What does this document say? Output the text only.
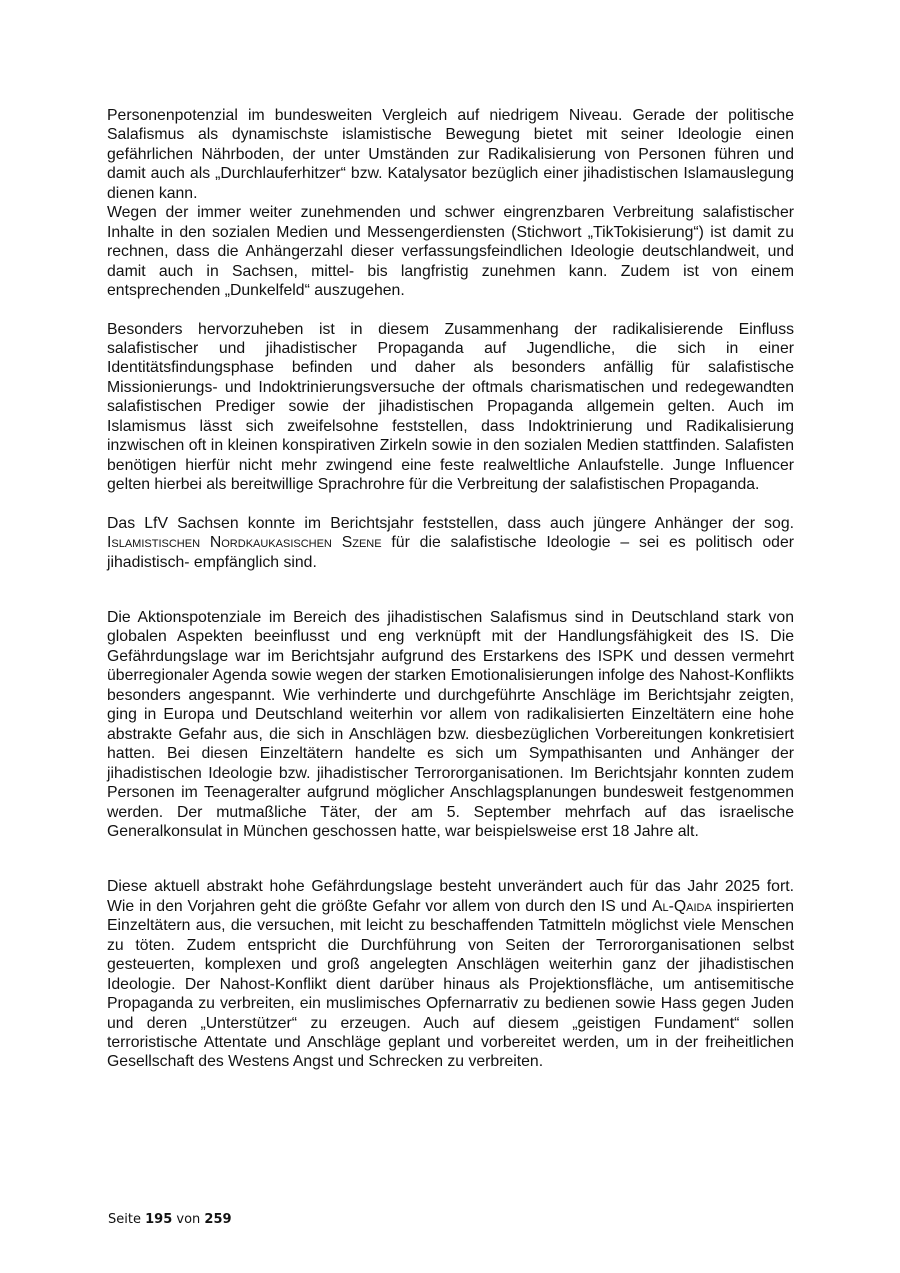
Personenpotenzial im bundesweiten Vergleich auf niedrigem Niveau. Gerade der politische Salafismus als dynamischste islamistische Bewegung bietet mit seiner Ideologie einen gefährlichen Nährboden, der unter Umständen zur Radikalisierung von Personen führen und damit auch als „Durchlauferhitzer“ bzw. Katalysator bezüglich einer jihadistischen Islamauslegung dienen kann.

Wegen der immer weiter zunehmenden und schwer eingrenzbaren Verbreitung salafistischer Inhalte in den sozialen Medien und Messengerdiensten (Stichwort „TikTokisierung“) ist damit zu rechnen, dass die Anhängerzahl dieser verfassungsfeindlichen Ideologie deutschlandweit, und damit auch in Sachsen, mittel- bis langfristig zunehmen kann. Zudem ist von einem entsprechenden „Dunkelfeld“ auszugehen.

Besonders hervorzuheben ist in diesem Zusammenhang der radikalisierende Einfluss salafistischer und jihadistischer Propaganda auf Jugendliche, die sich in einer Identitätsfindungsphase befinden und daher als besonders anfällig für salafistische Missionierungs- und Indoktrinierungsversuche der oftmals charismatischen und redegewandten salafistischen Prediger sowie der jihadistischen Propaganda allgemein gelten. Auch im Islamismus lässt sich zweifelsohne feststellen, dass Indoktrinierung und Radikalisierung inzwischen oft in kleinen konspirativen Zirkeln sowie in den sozialen Medien stattfinden. Salafisten benötigen hierfür nicht mehr zwingend eine feste realweltliche Anlaufstelle. Junge Influencer gelten hierbei als bereitwillige Sprachrohre für die Verbreitung der salafistischen Propaganda.

Das LfV Sachsen konnte im Berichtsjahr feststellen, dass auch jüngere Anhänger der sog. Islamistischen Nordkaukasischen Szene für die salafistische Ideologie – sei es politisch oder jihadistisch- empfänglich sind.

Die Aktionspotenziale im Bereich des jihadistischen Salafismus sind in Deutschland stark von globalen Aspekten beeinflusst und eng verknüpft mit der Handlungsfähigkeit des IS. Die Gefährdungslage war im Berichtsjahr aufgrund des Erstarkens des ISPK und dessen vermehrt überregionaler Agenda sowie wegen der starken Emotionalisierungen infolge des Nahost-Konflikts besonders angespannt. Wie verhinderte und durchgeführte Anschläge im Berichtsjahr zeigten, ging in Europa und Deutschland weiterhin vor allem von radikalisierten Einzeltätern eine hohe abstrakte Gefahr aus, die sich in Anschlägen bzw. diesbezüglichen Vorbereitungen konkretisiert hatten. Bei diesen Einzeltätern handelte es sich um Sympathisanten und Anhänger der jihadistischen Ideologie bzw. jihadistischer Terrororganisationen. Im Berichtsjahr konnten zudem Personen im Teenageralter aufgrund möglicher Anschlagsplanungen bundesweit festgenommen werden. Der mutmaßliche Täter, der am 5. September mehrfach auf das israelische Generalkonsulat in München geschossen hatte, war beispielsweise erst 18 Jahre alt.

Diese aktuell abstrakt hohe Gefährdungslage besteht unverändert auch für das Jahr 2025 fort. Wie in den Vorjahren geht die größte Gefahr vor allem von durch den IS und Al-Qaida inspirierten Einzeltätern aus, die versuchen, mit leicht zu beschaffenden Tatmitteln möglichst viele Menschen zu töten. Zudem entspricht die Durchführung von Seiten der Terrororganisationen selbst gesteuerten, komplexen und groß angelegten Anschlägen weiterhin ganz der jihadistischen Ideologie. Der Nahost-Konflikt dient darüber hinaus als Projektionsfläche, um antisemitische Propaganda zu verbreiten, ein muslimisches Opfernarrativ zu bedienen sowie Hass gegen Juden und deren „Unterstützer“ zu erzeugen. Auch auf diesem „geistigen Fundament“ sollen terroristische Attentate und Anschläge geplant und vorbereitet werden, um in der freiheitlichen Gesellschaft des Westens Angst und Schrecken zu verbreiten.

Seite 195 von 259
